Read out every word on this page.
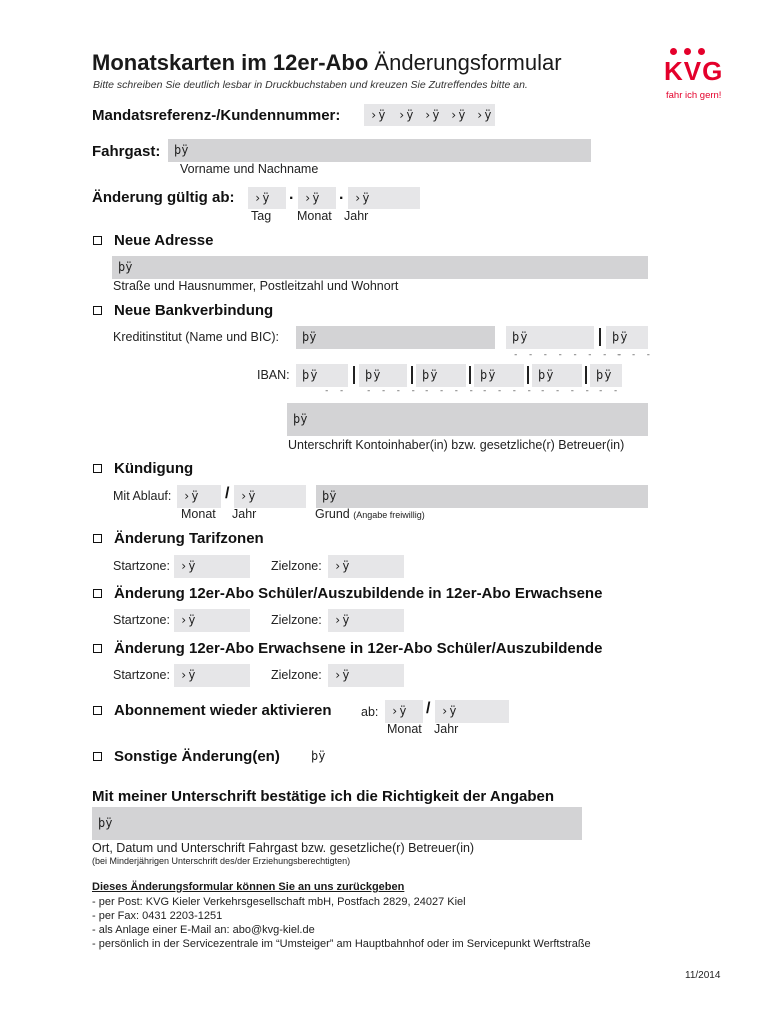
Monatskarten im 12er-Abo Änderungsformular
Bitte schreiben Sie deutlich lesbar in Druckbuchstaben und kreuzen Sie Zutreffendes bitte an.	KVG
fahr ich gern!
Mandatsreferenz-/Kundennummer:	›ÿ ›ÿ ›ÿ ›ÿ ›ÿ
Fahrgast:	þÿ
Vorname und Nachname
Änderung gültig ab:	›ÿ	. ›ÿ	. ›ÿ
Tag Monat Jahr
Neue Adresse
þÿ
Straße und Hausnummer, Postleitzahl und Wohnort
Neue Bankverbindung
Kreditinstitut (Name und BIC):	þÿ	þÿ	þÿ
- - - - - - - -
- - -
IBAN:	þÿ	þÿ	þÿ	þÿ	þÿ	þÿ
- - - - - - - - - - - - - - - - - - - -
þÿ
Unterschrift Kontoinhaber(in) bzw. gesetzliche(r) Betreuer(in)
Kündigung
Mit Ablauf: ›ÿ	/ ›ÿ	þÿ
Monat Jahr	Grund (Angabe freiwillig)
Änderung Tarifzonen
Startzone: ›ÿ	Zielzone:	›ÿ
Änderung 12er-Abo Schüler/Auszubildende in 12er-Abo Erwachsene
Startzone: ›ÿ	Zielzone:	›ÿ
Änderung 12er-Abo Erwachsene in 12er-Abo Schüler/Auszubildende
Startzone: ›ÿ	Zielzone:	›ÿ
Abonnement wieder aktivieren ab:	›ÿ	/ ›ÿ
Monat Jahr
Sonstige Änderung(en)	þÿ
Mit meiner Unterschrift bestätige ich die Richtigkeit der Angaben
þÿ
Ort, Datum und Unterschrift Fahrgast bzw. gesetzliche(r) Betreuer(in)
(bei Minderjährigen Unterschrift des/der Erziehungsberechtigten)
Dieses Änderungsformular können Sie an uns zurückgeben
- per Post: KVG Kieler Verkehrsgesellschaft mbH, Postfach 2829, 24027 Kiel
- per Fax: 0431 2203-1251
- als Anlage einer E-Mail an: abo@kvg-kiel.de
- persönlich in der Servicezentrale im “Umsteiger” am Hauptbahnhof oder im Servicepunkt Werftstraße
11/2014
